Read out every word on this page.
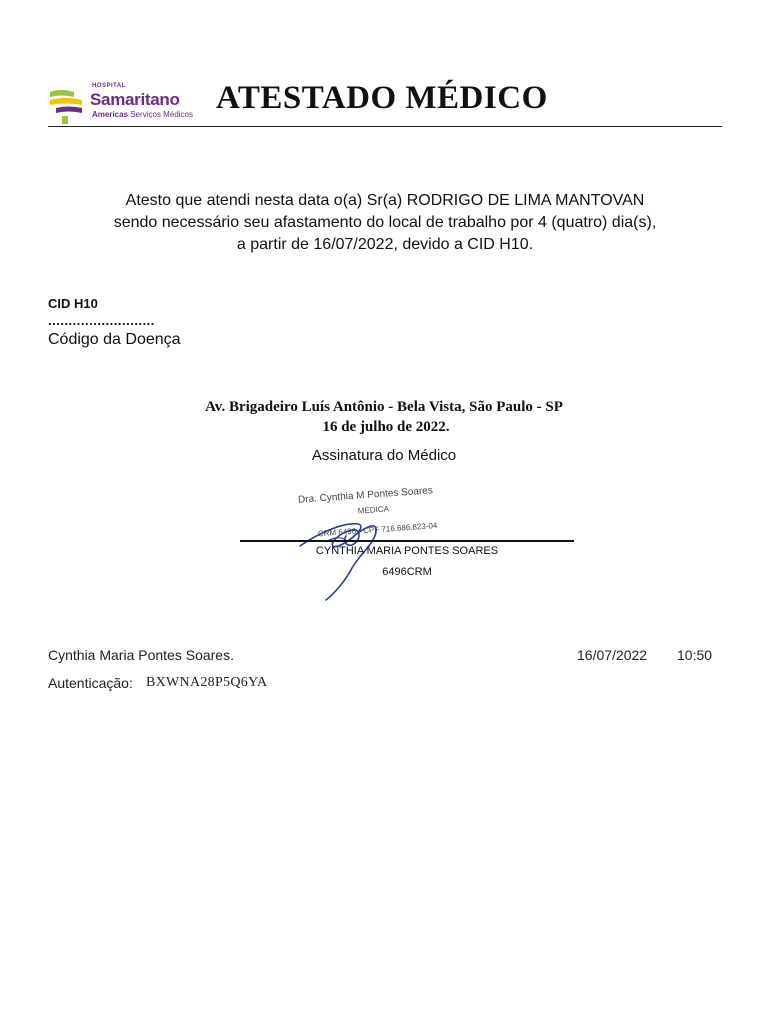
HOSPITAL
Samaritano
Americas Serviços Médicos ATESTADO MÉDICO
Atesto que atendi nesta data o(a) Sr(a) RODRIGO DE LIMA MANTOVAN
sendo necessário seu afastamento do local de trabalho por 4 (quatro) dia(s),
a partir de 16/07/2022, devido a CID H10.
CID H10
..........................
Código da Doença
Av. Brigadeiro Luís Antônio - Bela Vista, São Paulo - SP
16 de julho de 2022.
Assinatura do Médico
Dra. Cynthia M Pontes Soares
MEDICA
CRM 6496 - CPF 716.686.823-04
CYNTHIA MARIA PONTES SOARES
6496CRM
Cynthia Maria Pontes Soares.	16/07/2022 10:50
Autenticação: BXWNA28P5Q6YA
